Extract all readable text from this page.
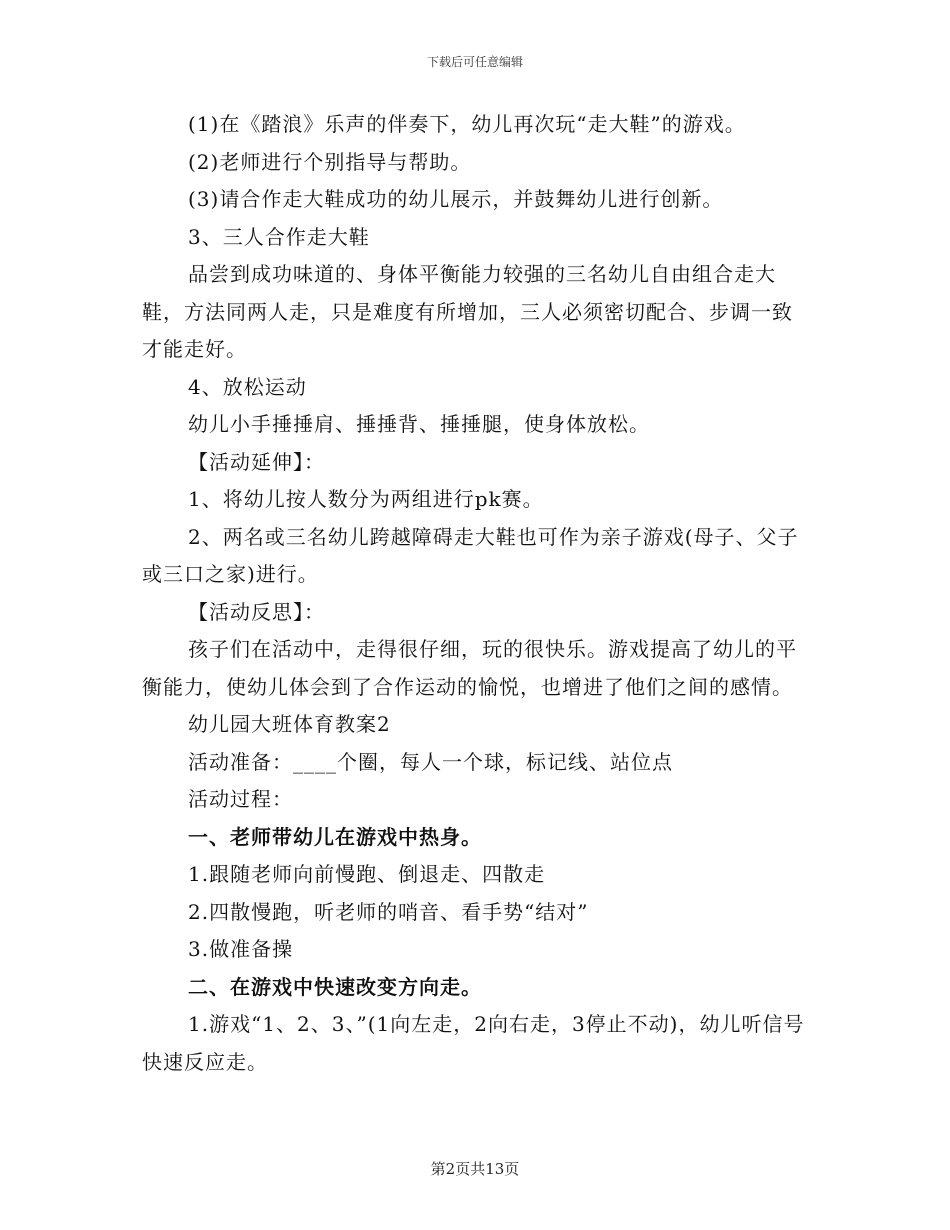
下载后可任意编辑

(1)在《踏浪》乐声的伴奏下，幼儿再次玩“走大鞋”的游戏。

(2)老师进行个别指导与帮助。

(3)请合作走大鞋成功的幼儿展示，并鼓舞幼儿进行创新。

3、三人合作走大鞋

品尝到成功味道的、身体平衡能力较强的三名幼儿自由组合走大鞋，方法同两人走，只是难度有所增加，三人必须密切配合、步调一致才能走好。

4、放松运动

幼儿小手捶捶肩、捶捶背、捶捶腿，使身体放松。

【活动延伸】：

1、将幼儿按人数分为两组进行pk赛。

2、两名或三名幼儿跨越障碍走大鞋也可作为亲子游戏(母子、父子或三口之家)进行。

【活动反思】：

孩子们在活动中，走得很仔细，玩的很快乐。游戏提高了幼儿的平衡能力，使幼儿体会到了合作运动的愉悦，也增进了他们之间的感情。

幼儿园大班体育教案2

活动准备：____个圈，每人一个球，标记线、站位点

活动过程：

一、老师带幼儿在游戏中热身。

1.跟随老师向前慢跑、倒退走、四散走

2.四散慢跑，听老师的哨音、看手势“结对”

3.做准备操

二、在游戏中快速改变方向走。

1.游戏“1、2、3、”(1向左走，2向右走，3停止不动)，幼儿听信号快速反应走。

第2页共13页
